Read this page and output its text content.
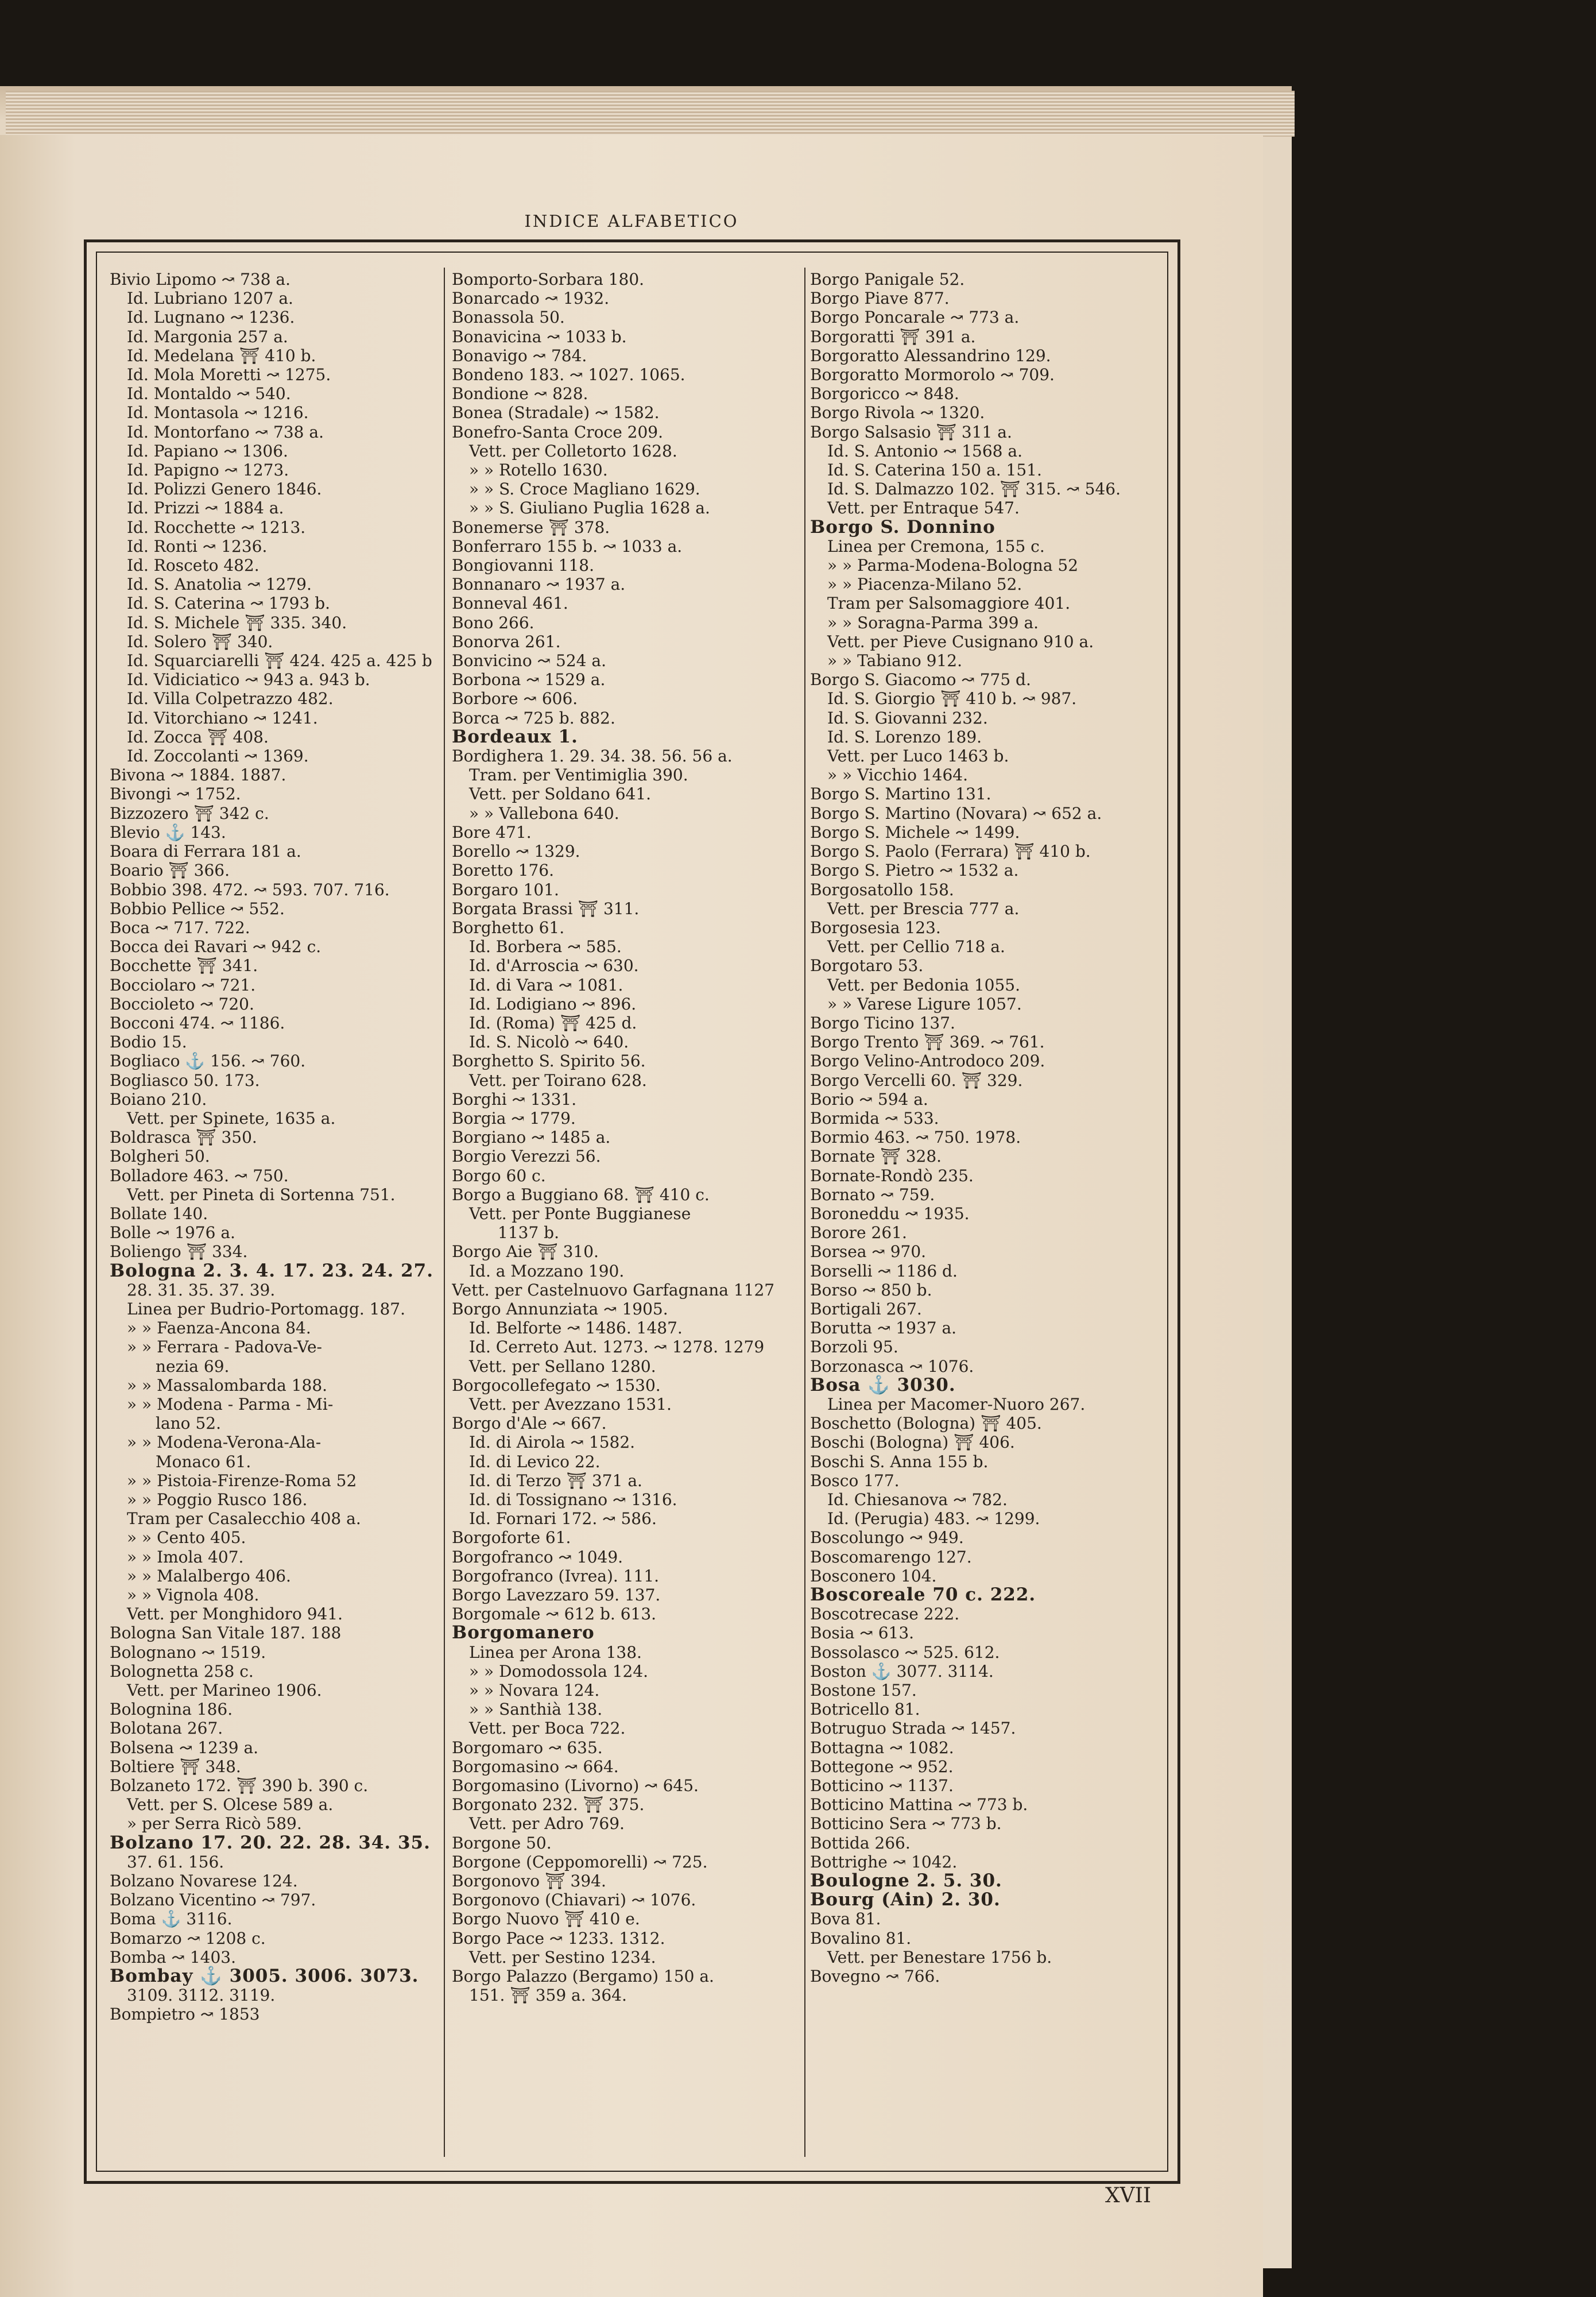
INDICE ALFABETICO
Bivio Lipomo ↝ 738 a.
Id. Lubriano 1207 a.
Id. Lugnano ↝ 1236.
Id. Margonia 257 a.
Id. Medelana ⛩ 410 b.
Id. Mola Moretti ↝ 1275.
Id. Montaldo ↝ 540.
Id. Montasola ↝ 1216.
Id. Montorfano ↝ 738 a.
Id. Papiano ↝ 1306.
Id. Papigno ↝ 1273.
Id. Polizzi Genero 1846.
Id. Prizzi ↝ 1884 a.
Id. Rocchette ↝ 1213.
Id. Ronti ↝ 1236.
Id. Rosceto 482.
Id. S. Anatolia ↝ 1279.
Id. S. Caterina ↝ 1793 b.
Id. S. Michele ⛩ 335. 340.
Id. Solero ⛩ 340.
Id. Squarciarelli ⛩ 424. 425 a. 425 b
Id. Vidiciatico ↝ 943 a. 943 b.
Id. Villa Colpetrazzo 482.
Id. Vitorchiano ↝ 1241.
Id. Zocca ⛩ 408.
Id. Zoccolanti ↝ 1369.
Bivona ↝ 1884. 1887.
Bivongi ↝ 1752.
Bizzozero ⛩ 342 c.
Blevio ⚓ 143.
Boara di Ferrara 181 a.
Boario ⛩ 366.
Bobbio 398. 472. ↝ 593. 707. 716.
Bobbio Pellice ↝ 552.
Boca ↝ 717. 722.
Bocca dei Ravari ↝ 942 c.
Bocchette ⛩ 341.
Bocciolaro ↝ 721.
Boccioleto ↝ 720.
Bocconi 474. ↝ 1186.
Bodio 15.
Bogliaco ⚓ 156. ↝ 760.
Bogliasco 50. 173.
Boiano 210.
Vett. per Spinete, 1635 a.
Boldrasca ⛩ 350.
Bolgheri 50.
Bolladore 463. ↝ 750.
Vett. per Pineta di Sortenna 751.
Bollate 140.
Bolle ↝ 1976 a.
Boliengo ⛩ 334.
Bologna 2. 3. 4. 17. 23. 24. 27.
28. 31. 35. 37. 39.
Linea per Budrio-Portomagg. 187.
» » Faenza-Ancona 84.
» » Ferrara - Padova-Ve-
nezia 69.
» » Massalombarda 188.
» » Modena - Parma - Mi-
lano 52.
» » Modena-Verona-Ala-
Monaco 61.
» » Pistoia-Firenze-Roma 52
» » Poggio Rusco 186.
Tram per Casalecchio 408 a.
» » Cento 405.
» » Imola 407.
» » Malalbergo 406.
» » Vignola 408.
Vett. per Monghidoro 941.
Bologna San Vitale 187. 188
Bolognano ↝ 1519.
Bolognetta 258 c.
Vett. per Marineo 1906.
Bolognina 186.
Bolotana 267.
Bolsena ↝ 1239 a.
Boltiere ⛩ 348.
Bolzaneto 172. ⛩ 390 b. 390 c.
Vett. per S. Olcese 589 a.
» per Serra Ricò 589.
Bolzano 17. 20. 22. 28. 34. 35.
37. 61. 156.
Bolzano Novarese 124.
Bolzano Vicentino ↝ 797.
Boma ⚓ 3116.
Bomarzo ↝ 1208 c.
Bomba ↝ 1403.
Bombay ⚓ 3005. 3006. 3073.
3109. 3112. 3119.
Bompietro ↝ 1853
Bomporto-Sorbara 180.
Bonarcado ↝ 1932.
Bonassola 50.
Bonavicina ↝ 1033 b.
Bonavigo ↝ 784.
Bondeno 183. ↝ 1027. 1065.
Bondione ↝ 828.
Bonea (Stradale) ↝ 1582.
Bonefro-Santa Croce 209.
Vett. per Colletorto 1628.
» » Rotello 1630.
» » S. Croce Magliano 1629.
» » S. Giuliano Puglia 1628 a.
Bonemerse ⛩ 378.
Bonferraro 155 b. ↝ 1033 a.
Bongiovanni 118.
Bonnanaro ↝ 1937 a.
Bonneval 461.
Bono 266.
Bonorva 261.
Bonvicino ↝ 524 a.
Borbona ↝ 1529 a.
Borbore ↝ 606.
Borca ↝ 725 b. 882.
Bordeaux 1.
Bordighera 1. 29. 34. 38. 56. 56 a.
Tram. per Ventimiglia 390.
Vett. per Soldano 641.
» » Vallebona 640.
Bore 471.
Borello ↝ 1329.
Boretto 176.
Borgaro 101.
Borgata Brassi ⛩ 311.
Borghetto 61.
Id. Borbera ↝ 585.
Id. d'Arroscia ↝ 630.
Id. di Vara ↝ 1081.
Id. Lodigiano ↝ 896.
Id. (Roma) ⛩ 425 d.
Id. S. Nicolò ↝ 640.
Borghetto S. Spirito 56.
Vett. per Toirano 628.
Borghi ↝ 1331.
Borgia ↝ 1779.
Borgiano ↝ 1485 a.
Borgio Verezzi 56.
Borgo 60 c.
Borgo a Buggiano 68. ⛩ 410 c.
Vett. per Ponte Buggianese
1137 b.
Borgo Aie ⛩ 310.
Id. a Mozzano 190.
Vett. per Castelnuovo Garfagnana 1127
Borgo Annunziata ↝ 1905.
Id. Belforte ↝ 1486. 1487.
Id. Cerreto Aut. 1273. ↝ 1278. 1279
Vett. per Sellano 1280.
Borgocollefegato ↝ 1530.
Vett. per Avezzano 1531.
Borgo d'Ale ↝ 667.
Id. di Airola ↝ 1582.
Id. di Levico 22.
Id. di Terzo ⛩ 371 a.
Id. di Tossignano ↝ 1316.
Id. Fornari 172. ↝ 586.
Borgoforte 61.
Borgofranco ↝ 1049.
Borgofranco (Ivrea). 111.
Borgo Lavezzaro 59. 137.
Borgomale ↝ 612 b. 613.
Borgomanero
Linea per Arona 138.
» » Domodossola 124.
» » Novara 124.
» » Santhià 138.
Vett. per Boca 722.
Borgomaro ↝ 635.
Borgomasino ↝ 664.
Borgomasino (Livorno) ↝ 645.
Borgonato 232. ⛩ 375.
Vett. per Adro 769.
Borgone 50.
Borgone (Ceppomorelli) ↝ 725.
Borgonovo ⛩ 394.
Borgonovo (Chiavari) ↝ 1076.
Borgo Nuovo ⛩ 410 e.
Borgo Pace ↝ 1233. 1312.
Vett. per Sestino 1234.
Borgo Palazzo (Bergamo) 150 a.
151. ⛩ 359 a. 364.
Borgo Panigale 52.
Borgo Piave 877.
Borgo Poncarale ↝ 773 a.
Borgoratti ⛩ 391 a.
Borgoratto Alessandrino 129.
Borgoratto Mormorolo ↝ 709.
Borgoricco ↝ 848.
Borgo Rivola ↝ 1320.
Borgo Salsasio ⛩ 311 a.
Id. S. Antonio ↝ 1568 a.
Id. S. Caterina 150 a. 151.
Id. S. Dalmazzo 102. ⛩ 315. ↝ 546.
Vett. per Entraque 547.
Borgo S. Donnino
Linea per Cremona, 155 c.
» » Parma-Modena-Bologna 52
» » Piacenza-Milano 52.
Tram per Salsomaggiore 401.
» » Soragna-Parma 399 a.
Vett. per Pieve Cusignano 910 a.
» » Tabiano 912.
Borgo S. Giacomo ↝ 775 d.
Id. S. Giorgio ⛩ 410 b. ↝ 987.
Id. S. Giovanni 232.
Id. S. Lorenzo 189.
Vett. per Luco 1463 b.
» » Vicchio 1464.
Borgo S. Martino 131.
Borgo S. Martino (Novara) ↝ 652 a.
Borgo S. Michele ↝ 1499.
Borgo S. Paolo (Ferrara) ⛩ 410 b.
Borgo S. Pietro ↝ 1532 a.
Borgosatollo 158.
Vett. per Brescia 777 a.
Borgosesia 123.
Vett. per Cellio 718 a.
Borgotaro 53.
Vett. per Bedonia 1055.
» » Varese Ligure 1057.
Borgo Ticino 137.
Borgo Trento ⛩ 369. ↝ 761.
Borgo Velino-Antrodoco 209.
Borgo Vercelli 60. ⛩ 329.
Borio ↝ 594 a.
Bormida ↝ 533.
Bormio 463. ↝ 750. 1978.
Bornate ⛩ 328.
Bornate-Rondò 235.
Bornato ↝ 759.
Boroneddu ↝ 1935.
Borore 261.
Borsea ↝ 970.
Borselli ↝ 1186 d.
Borso ↝ 850 b.
Bortigali 267.
Borutta ↝ 1937 a.
Borzoli 95.
Borzonasca ↝ 1076.
Bosa ⚓ 3030.
Linea per Macomer-Nuoro 267.
Boschetto (Bologna) ⛩ 405.
Boschi (Bologna) ⛩ 406.
Boschi S. Anna 155 b.
Bosco 177.
Id. Chiesanova ↝ 782.
Id. (Perugia) 483. ↝ 1299.
Boscolungo ↝ 949.
Boscomarengo 127.
Bosconero 104.
Boscoreale 70 c. 222.
Boscotrecase 222.
Bosia ↝ 613.
Bossolasco ↝ 525. 612.
Boston ⚓ 3077. 3114.
Bostone 157.
Botricello 81.
Botruguo Strada ↝ 1457.
Bottagna ↝ 1082.
Bottegone ↝ 952.
Botticino ↝ 1137.
Botticino Mattina ↝ 773 b.
Botticino Sera ↝ 773 b.
Bottida 266.
Bottrighe ↝ 1042.
Boulogne 2. 5. 30.
Bourg (Ain) 2. 30.
Bova 81.
Bovalino 81.
Vett. per Benestare 1756 b.
Bovegno ↝ 766.
XVII
